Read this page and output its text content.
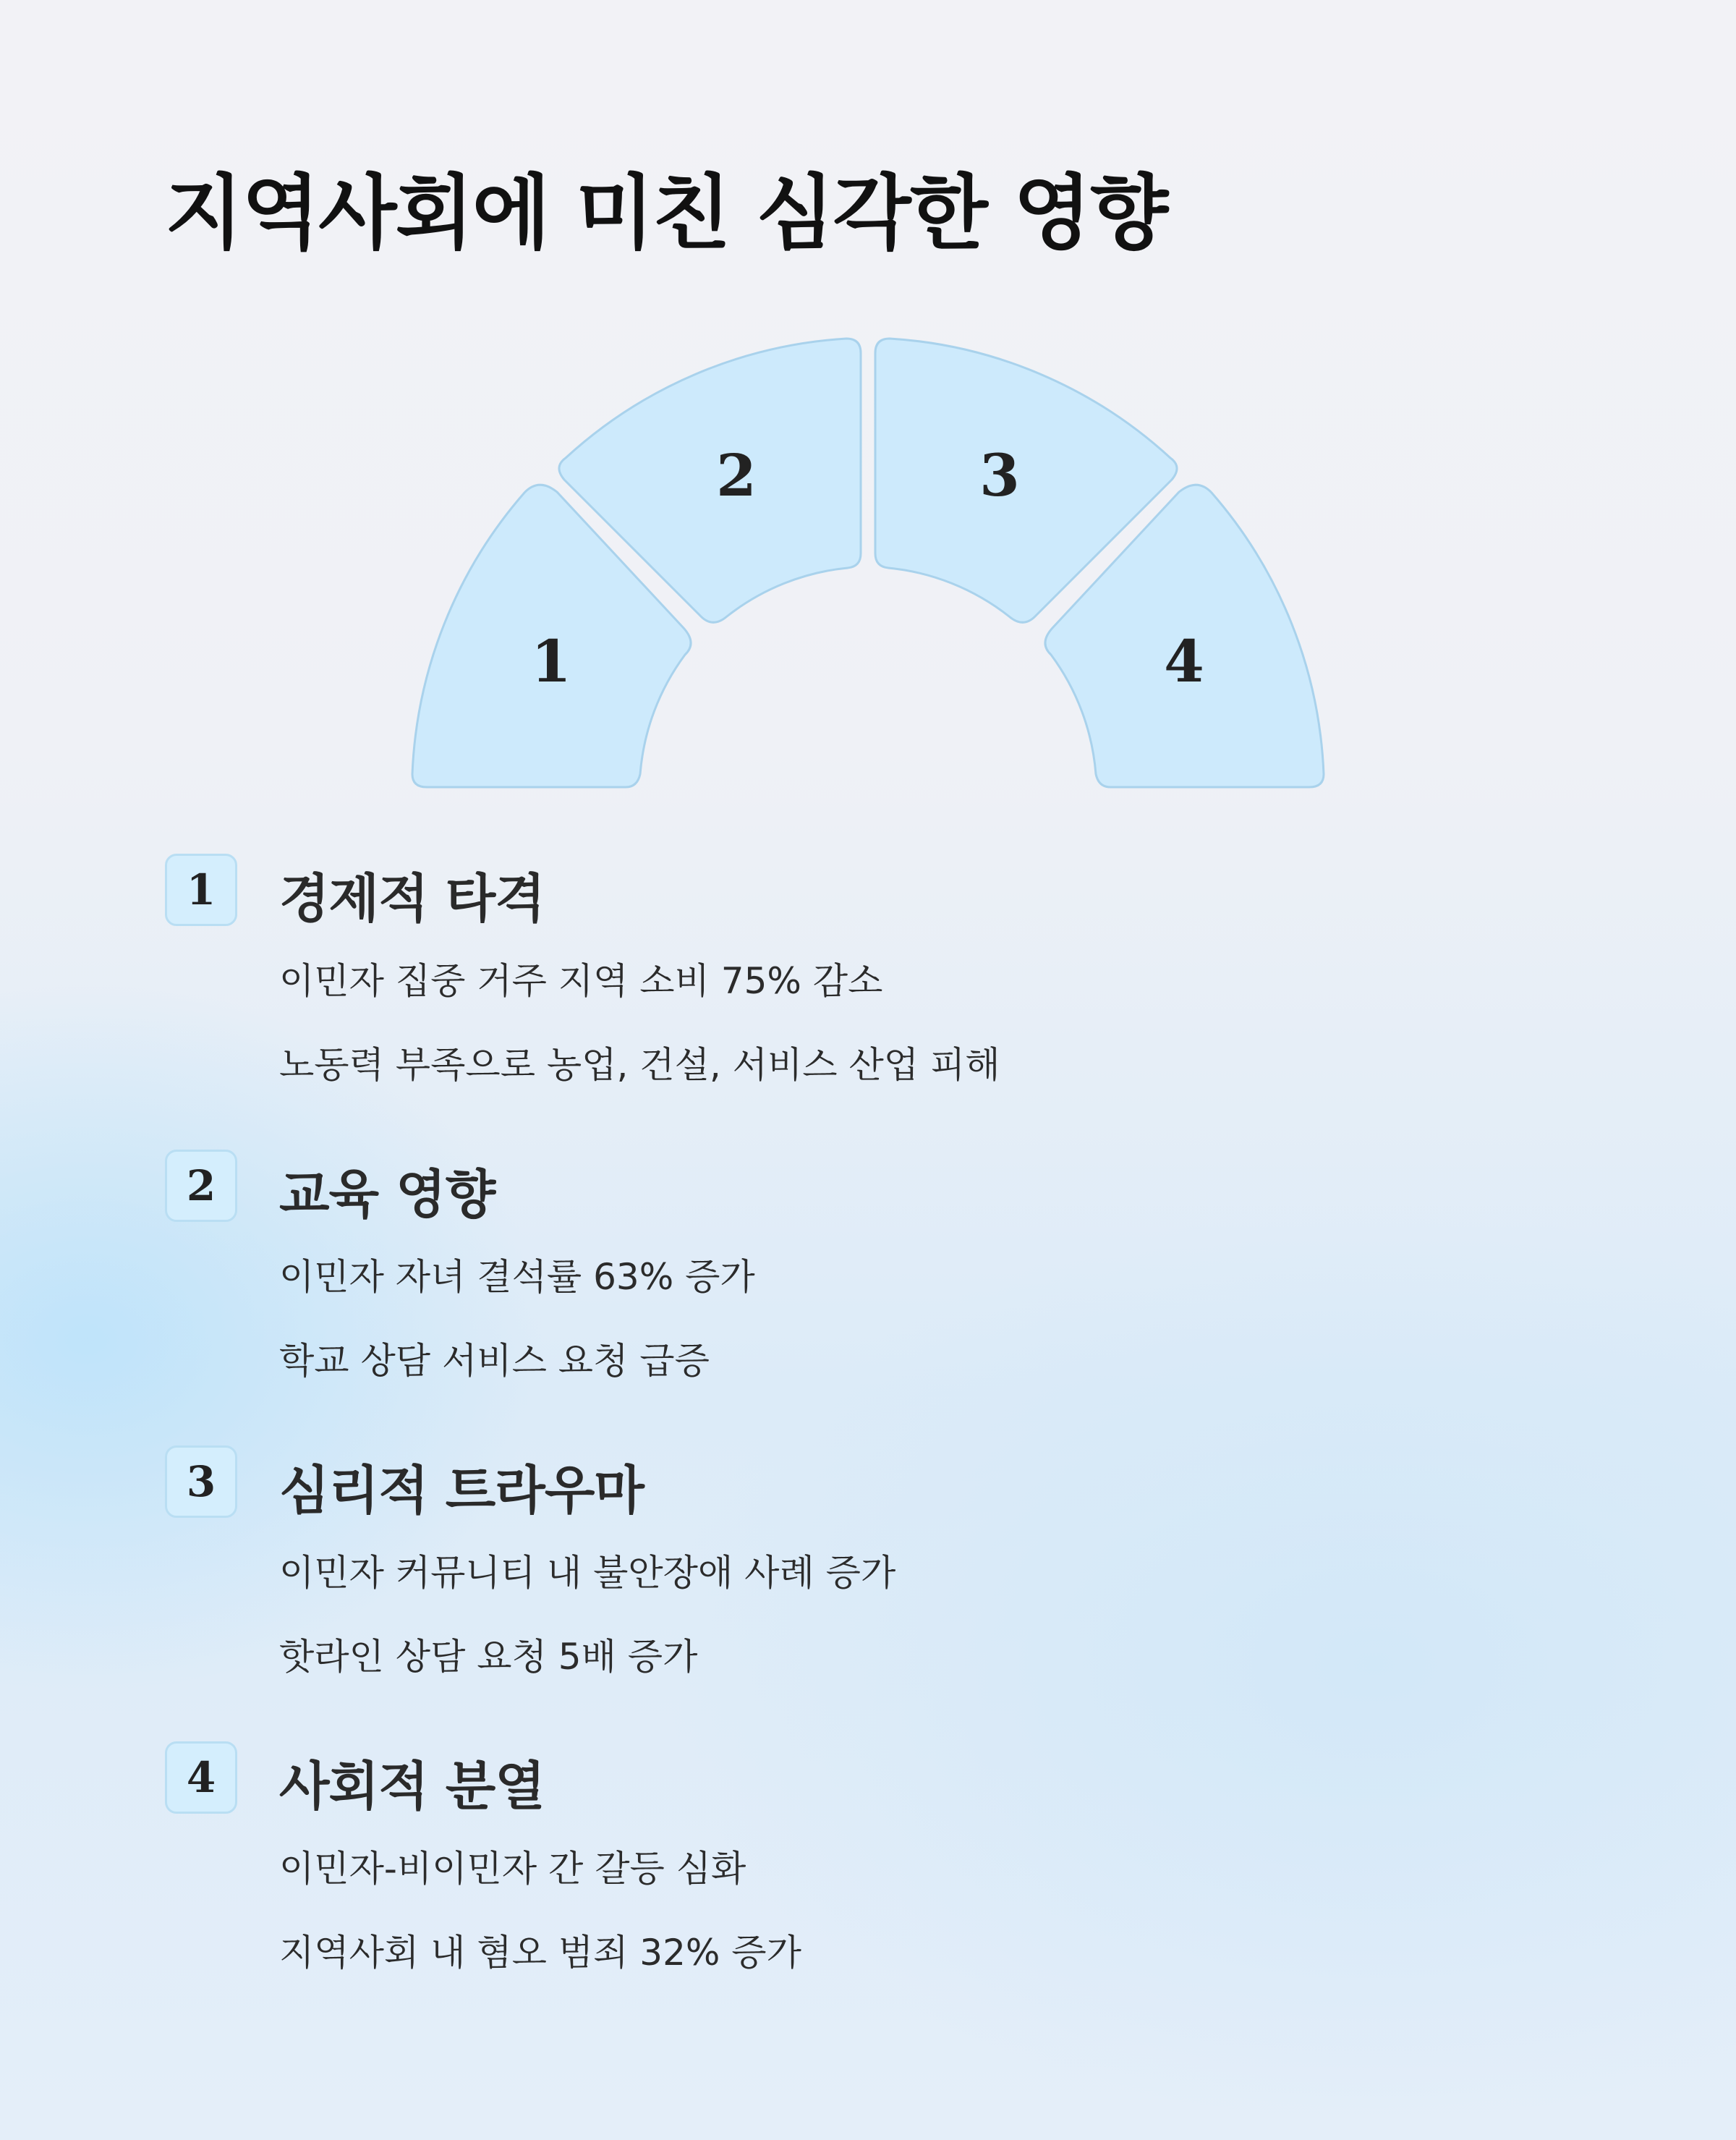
지역사회에 미친 심각한 영향
1
2	3
4
1	경제적 타격
이민자 집중 거주 지역 소비 75% 감소
노동력 부족으로 농업, 건설, 서비스 산업 피해
2	교육 영향
이민자 자녀 결석률 63% 증가
학교 상담 서비스 요청 급증
3	심리적 트라우마
이민자 커뮤니티 내 불안장애 사례 증가
핫라인 상담 요청 5배 증가
4	사회적 분열
이민자-비이민자 간 갈등 심화
지역사회 내 혐오 범죄 32% 증가
